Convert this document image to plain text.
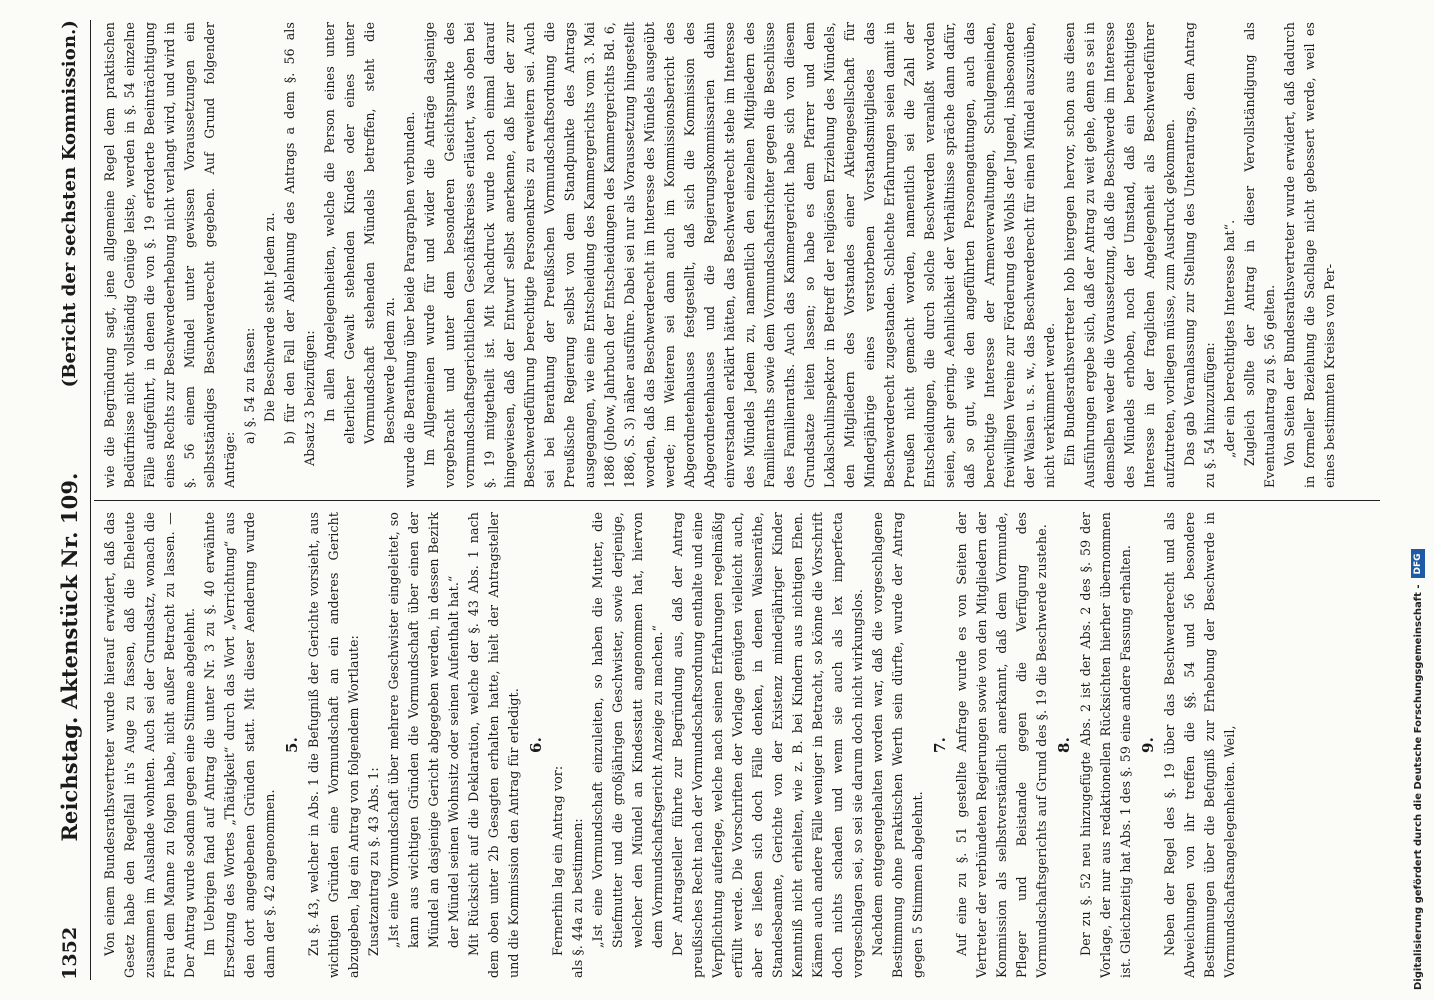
1352
Reichstag. Aktenstück Nr. 109.
(Bericht der sechsten Kommission.)

Von einem Bundesrathsvertreter wurde hierauf erwidert, daß das Gesetz habe den Regelfall in's Auge zu fassen, daß die Eheleute zusammen im Auslande wohnten. Auch sei der Grundsatz, wonach die Frau dem Manne zu folgen habe, nicht außer Betracht zu lassen. — Der Antrag wurde sodann gegen eine Stimme abgelehnt. Im Uebrigen fand auf Antrag die unter Nr. 3 zu §. 40 erwähnte Ersetzung des Wortes „Thätigkeit“ durch das Wort „Verrichtung“ aus den dort angegebenen Gründen statt. Mit dieser Aenderung wurde dann der §. 42 angenommen.

5. Zu §. 43, welcher in Abs. 1 die Befugniß der Gerichte vorsieht, aus wichtigen Gründen eine Vormundschaft an ein anderes Gericht abzugeben, lag ein Antrag von folgendem Wortlaute: Zusatzantrag zu §. 43 Abs. 1: „Ist eine Vormundschaft über mehrere Geschwister eingeleitet, so kann aus wichtigen Gründen die Vormundschaft über einen der Mündel an dasjenige Gericht abgegeben werden, in dessen Bezirk der Mündel seinen Wohnsitz oder seinen Aufenthalt hat.“ Mit Rücksicht auf die Deklaration, welche der §. 43 Abs. 1 nach dem oben unter 2b Gesagten erhalten hatte, hielt der Antragsteller und die Kommission den Antrag für erledigt. 6.

Fernerhin lag ein Antrag vor: als §. 44a zu bestimmen: „Ist eine Vormundschaft einzuleiten, so haben die Mutter, die Stiefmutter und die großjährigen Geschwister, sowie derjenige, welcher den Mündel an Kindesstatt angenommen hat, hiervon dem Vormundschaftsgericht Anzeige zu machen.“ Der Antragsteller führte zur Begründung aus, daß der Antrag preußisches Recht nach der Vormundschaftsordnung enthalte und eine Verpflichtung auferlege, welche nach seinen Erfahrungen regelmäßig erfüllt werde. Die Vorschriften der Vorlage genügten vielleicht auch, aber es ließen sich doch Fälle denken, in denen Waisenräthe, Standesbeamte, Gerichte von der Existenz minderjähriger Kinder Kenntniß nicht erhielten, wie z. B. bei Kindern aus nichtigen Ehen. Kämen auch andere Fälle weniger in Betracht, so könne die Vorschrift doch nichts schaden und wenn sie auch als lex imperfecta vorgeschlagen sei, so sei sie darum doch nicht wirkungslos. Nachdem entgegengehalten worden war, daß die vorgeschlagene Bestimmung ohne praktischen Werth sein dürfte, wurde der Antrag gegen 5 Stimmen abgelehnt.

7. Auf eine zu §. 51 gestellte Anfrage wurde es von Seiten der Vertreter der verbündeten Regierungen sowie von den Mitgliedern der Kommission als selbstverständlich anerkannt, daß dem Vormunde, Pfleger und Beistande gegen die Verfügung des Vormundschaftsgerichts auf Grund des §. 19 die Beschwerde zustehe. 8. Der zu §. 52 neu hinzugefügte Abs. 2 ist der Abs. 2 des §. 59 der Vorlage, der nur aus redaktionellen Rücksichten hierher übernommen ist. Gleichzeitig hat Abs. 1 des §. 59 eine andere Fassung erhalten. 9. Neben der Regel des §. 19 über das Beschwerderecht und als Abweichungen von ihr treffen die §§. 54 und 56 besondere Bestimmungen über die Befugniß zur Erhebung der Beschwerde in Vormundschaftsangelegenheiten. Weil,

wie die Begründung sagt, jene allgemeine Regel dem praktischen Bedürfnisse nicht vollständig Genüge leiste, werden in §. 54 einzelne Fälle aufgeführt, in denen die von §. 19 erforderte Beeinträchtigung eines Rechts zur Beschwerdeerhebung nicht verlangt wird, und wird in §. 56 einem Mündel unter gewissen Voraussetzungen ein selbstständiges Beschwerderecht gegeben. Auf Grund folgender Anträge:

a) §. 54 zu fassen: Die Beschwerde steht Jedem zu. b) für den Fall der Ablehnung des Antrags a dem §. 56 als Absatz 3 beizufügen: In allen Angelegenheiten, welche die Person eines unter elterlicher Gewalt stehenden Kindes oder eines unter Vormundschaft stehenden Mündels betreffen, steht die Beschwerde Jedem zu. wurde die Berathung über beide Paragraphen verbunden. Im Allgemeinen wurde für und wider die Anträge dasjenige vorgebracht und unter dem besonderen Gesichtspunkte des vormundschaftsgerichtlichen Geschäftskreises erläutert, was oben bei §. 19 mitgetheilt ist. Mit Nachdruck wurde noch einmal darauf hingewiesen, daß der Entwurf selbst anerkenne, daß hier der zur Beschwerdeführung berechtigte Personenkreis zu erweitern sei. Auch sei bei Berathung der Preußischen Vormundschaftsordnung die Preußische Regierung selbst von dem Standpunkte des Antrags ausgegangen, wie eine Entscheidung des Kammergerichts vom 3. Mai 1886 (Johow, Jahrbuch der Entscheidungen des Kammergerichts Bd. 6, 1886, S. 3) näher ausführe. Dabei sei nur als Voraussetzung hingestellt worden, daß das Beschwerderecht im Interesse des Mündels ausgeübt werde; im Weiteren sei dann auch im Kommissionsbericht des Abgeordnetenhauses festgestellt, daß sich die Kommission des Abgeordnetenhauses und die Regierungskommissarien dahin einverstanden erklärt hätten, das Beschwerderecht stehe im Interesse des Mündels Jedem zu, namentlich den einzelnen Mitgliedern des Familienraths sowie dem Vormundschaftsrichter gegen die Beschlüsse des Familienraths. Auch das Kammergericht habe sich von diesem Grundsatze leiten lassen; so habe es dem Pfarrer und dem Lokalschulinspektor in Betreff der religiösen Erziehung des Mündels, den Mitgliedern des Vorstandes einer Aktiengesellschaft für Minderjährige eines verstorbenen Vorstandsmitgliedes das Beschwerderecht zugestanden. Schlechte Erfahrungen seien damit in Preußen nicht gemacht worden, namentlich sei die Zahl der Entscheidungen, die durch solche Beschwerden veranlaßt worden seien, sehr gering. Aehnlichkeit der Verhältnisse spräche dann dafür, daß so gut, wie den angeführten Personengattungen, auch das berechtigte Interesse der Armenverwaltungen, Schulgemeinden, freiwilligen Vereine zur Förderung des Wohls der Jugend, insbesondere der Waisen u. s. w., das Beschwerderecht für einen Mündel auszuüben, nicht verkümmert werde. Ein Bundesrathsvertreter hob hiergegen hervor, schon aus diesen Ausführungen ergebe sich, daß der Antrag zu weit gehe, denn es sei in demselben weder die Voraussetzung, daß die Beschwerde im Interesse des Mündels erhoben, noch der Umstand, daß ein berechtigtes Interesse in der fraglichen Angelegenheit als Beschwerdeführer aufzutreten, vorliegen müsse, zum Ausdruck gekommen. Das gab Veranlassung zur Stellung des Unterantrags, dem Antrag zu §. 54 hinzuzufügen: „der ein berechtigtes Interesse hat“. Zugleich sollte der Antrag in dieser Vervollständigung als Eventualantrag zu §. 56 gelten. Von Seiten der Bundesrathsvertreter wurde erwidert, daß dadurch in formeller Beziehung die Sachlage nicht gebessert werde, weil es eines bestimmten Kreises von Per-

Digitalisierung gefördert durch die Deutsche Forschungsgemeinschaft -
DFG
